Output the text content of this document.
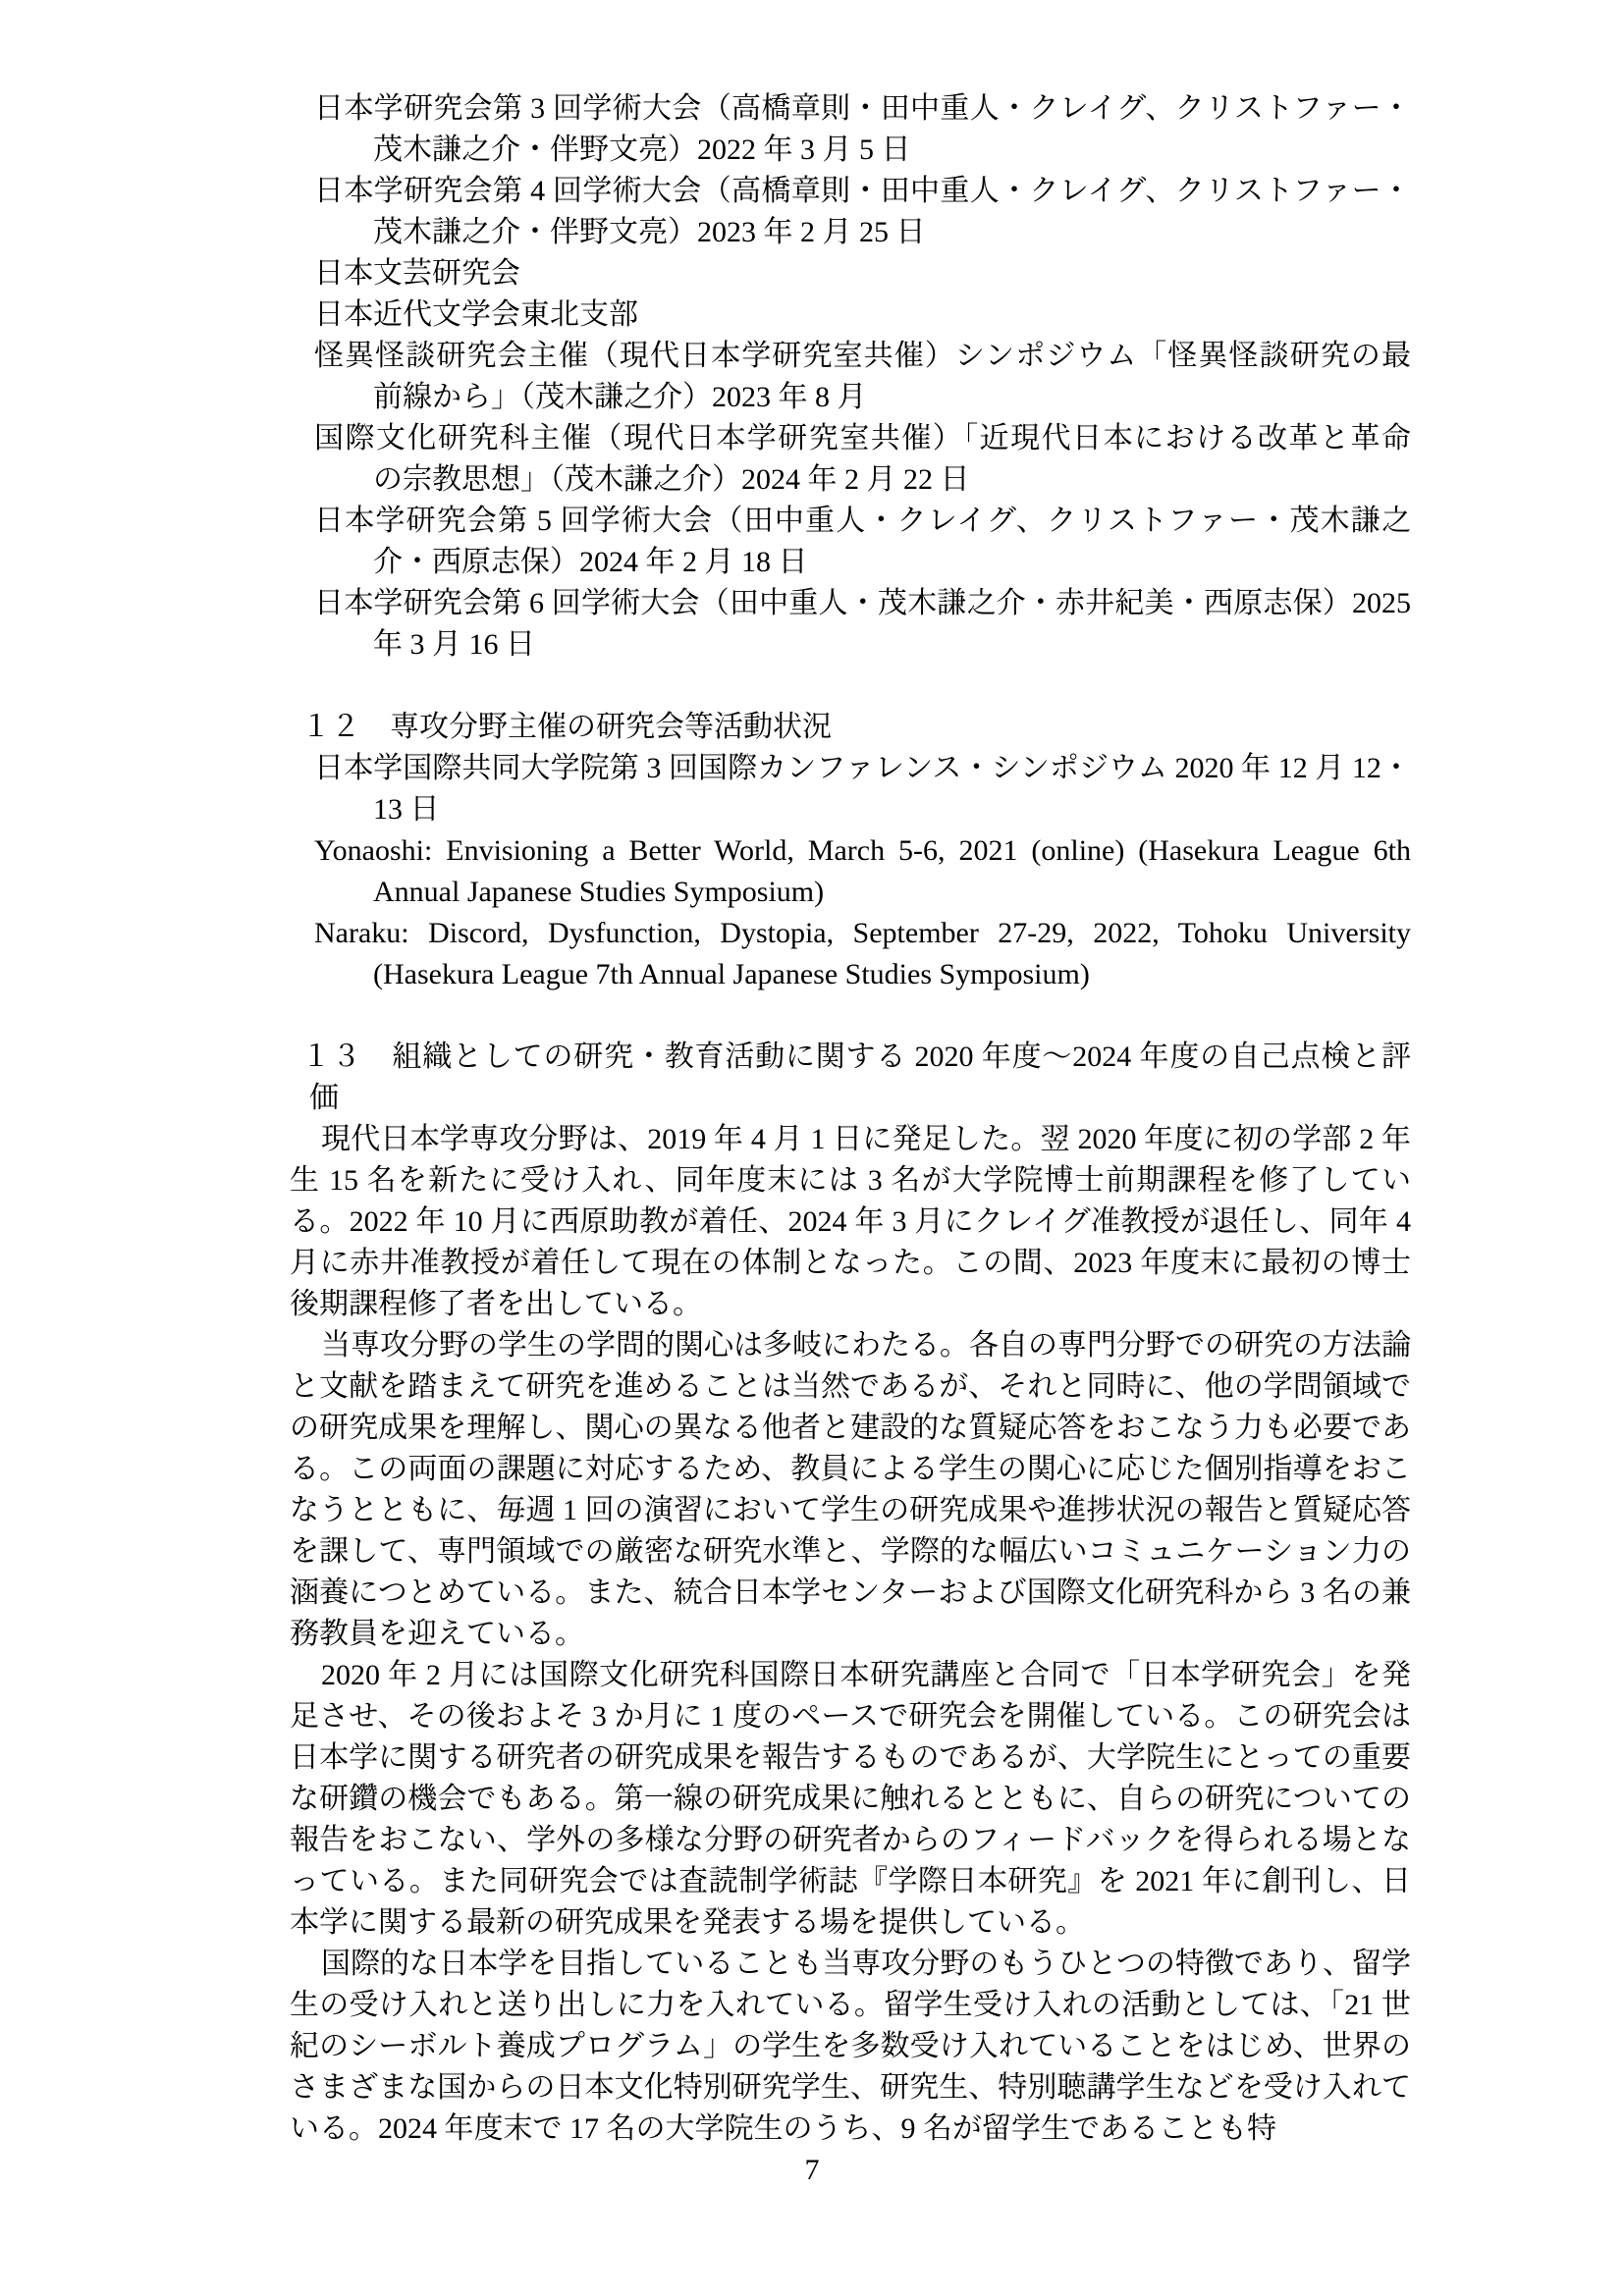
日本学研究会第 3 回学術大会（高橋章則・田中重人・クレイグ、クリストファー・
茂木謙之介・伴野文亮）2022 年 3 月 5 日
日本学研究会第 4 回学術大会（高橋章則・田中重人・クレイグ、クリストファー・
茂木謙之介・伴野文亮）2023 年 2 月 25 日
日本文芸研究会
日本近代文学会東北支部
怪異怪談研究会主催（現代日本学研究室共催）シンポジウム「怪異怪談研究の最
前線から」（茂木謙之介）2023 年 8 月
国際文化研究科主催（現代日本学研究室共催）「近現代日本における改革と革命
の宗教思想」（茂木謙之介）2024 年 2 月 22 日
日本学研究会第 5 回学術大会（田中重人・クレイグ、クリストファー・茂木謙之
介・西原志保）2024 年 2 月 18 日
日本学研究会第 6 回学術大会（田中重人・茂木謙之介・赤井紀美・西原志保）2025
年 3 月 16 日
１２　専攻分野主催の研究会等活動状況
日本学国際共同大学院第 3 回国際カンファレンス・シンポジウム 2020 年 12 月 12・
13 日
Yonaoshi: Envisioning a Better World, March 5-6, 2021 (online) (Hasekura League 6th
Annual Japanese Studies Symposium)
Naraku: Discord, Dysfunction, Dystopia, September 27-29, 2022, Tohoku University
(Hasekura League 7th Annual Japanese Studies Symposium)
１３　組織としての研究・教育活動に関する 2020 年度～2024 年度の自己点検と評
価

現代日本学専攻分野は、2019 年 4 月 1 日に発足した。翌 2020 年度に初の学部 2 年生 15 名を新たに受け入れ、同年度末には 3 名が大学院博士前期課程を修了している。2022 年 10 月に西原助教が着任、2024 年 3 月にクレイグ准教授が退任し、同年 4 月に赤井准教授が着任して現在の体制となった。この間、2023 年度末に最初の博士後期課程修了者を出している。

当専攻分野の学生の学問的関心は多岐にわたる。各自の専門分野での研究の方法論と文献を踏まえて研究を進めることは当然であるが、それと同時に、他の学問領域での研究成果を理解し、関心の異なる他者と建設的な質疑応答をおこなう力も必要である。この両面の課題に対応するため、教員による学生の関心に応じた個別指導をおこなうとともに、毎週 1 回の演習において学生の研究成果や進捗状況の報告と質疑応答を課して、専門領域での厳密な研究水準と、学際的な幅広いコミュニケーション力の涵養につとめている。また、統合日本学センターおよび国際文化研究科から 3 名の兼務教員を迎えている。

2020 年 2 月には国際文化研究科国際日本研究講座と合同で「日本学研究会」を発足させ、その後およそ 3 か月に 1 度のペースで研究会を開催している。この研究会は日本学に関する研究者の研究成果を報告するものであるが、大学院生にとっての重要な研鑽の機会でもある。第一線の研究成果に触れるとともに、自らの研究についての報告をおこない、学外の多様な分野の研究者からのフィードバックを得られる場となっている。また同研究会では査読制学術誌『学際日本研究』を 2021 年に創刊し、日本学に関する最新の研究成果を発表する場を提供している。

国際的な日本学を目指していることも当専攻分野のもうひとつの特徴であり、留学生の受け入れと送り出しに力を入れている。留学生受け入れの活動としては、「21 世紀のシーボルト養成プログラム」の学生を多数受け入れていることをはじめ、世界のさまざまな国からの日本文化特別研究学生、研究生、特別聴講学生などを受け入れている。2024 年度末で 17 名の大学院生のうち、9 名が留学生であることも特

7
